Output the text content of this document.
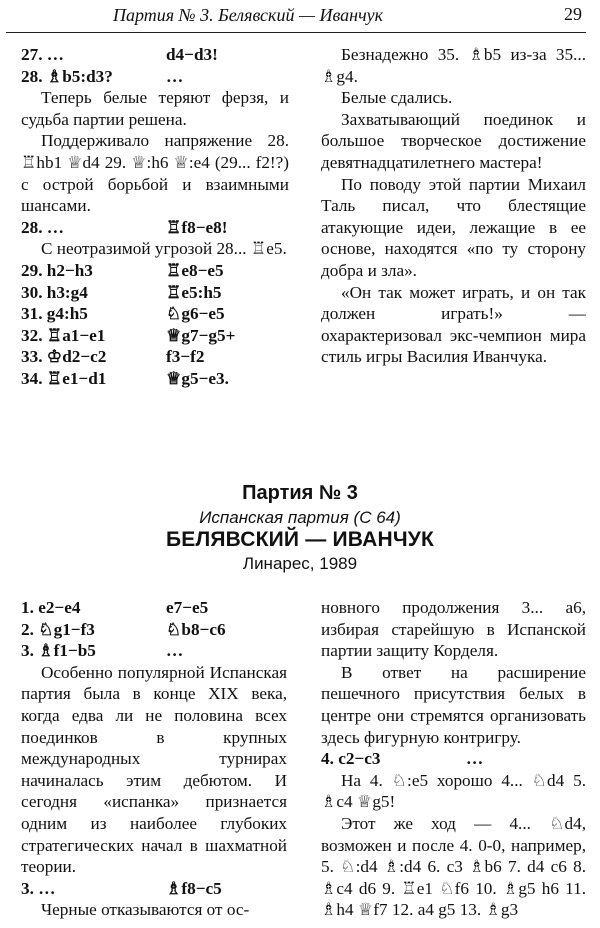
Партия № 3. Белявский — Иванчук	29
27. …	d4−d3!
28. ♗b5:d3?	…

Теперь белые теряют ферзя, и судьба партии решена.

Поддерживало напряжение 28. ♖hb1 ♕d4 29. ♕:h6 ♕:e4 (29... f2!?) с острой борьбой и взаимными шансами.

28. …	♖f8−e8!

С неотразимой угрозой 28... ♖e5.

29. h2−h3	♖e8−e5
30. h3:g4	♖e5:h5
31. g4:h5	♘g6−e5
32. ♖a1−e1	♕g7−g5+
33. ♔d2−c2	f3−f2
34. ♖e1−d1	♕g5−e3.

Безнадежно 35. ♗b5 из-за 35... ♗g4.

Белые сдались.

Захватывающий поединок и большое творческое достижение девятнадцатилетнего мастера!

По поводу этой партии Михаил Таль писал, что блестящие атакующие идеи, лежащие в ее основе, находятся «по ту сторону добра и зла».

«Он так может играть, и он так должен играть!» — охарактеризовал экс-чемпион мира стиль игры Василия Иванчука.

Партия № 3
Испанская партия (C 64)
БЕЛЯВСКИЙ — ИВАНЧУК
Линарес, 1989
1. e2−e4	e7−e5
2. ♘g1−f3	♘b8−c6
3. ♗f1−b5	…

Особенно популярной Испанская партия была в конце XIX века, когда едва ли не половина всех поединков в крупных международных турнирах начиналась этим дебютом. И сегодня «испанка» признается одним из наиболее глубоких стратегических начал в шахматной теории.

3. …	♗f8−c5

Черные отказываются от ос-

новного продолжения 3... a6, избирая старейшую в Испанской партии защиту Корделя.

В ответ на расширение пешечного присутствия белых в центре они стремятся организовать здесь фигурную контригру.

4. c2−c3	…

На 4. ♘:e5 хорошо 4... ♘d4 5. ♗c4 ♕g5!

Этот же ход — 4... ♘d4, возможен и после 4. 0-0, например, 5. ♘:d4 ♗:d4 6. c3 ♗b6 7. d4 c6 8. ♗c4 d6 9. ♖e1 ♘f6 10. ♗g5 h6 11. ♗h4 ♕f7 12. a4 g5 13. ♗g3
